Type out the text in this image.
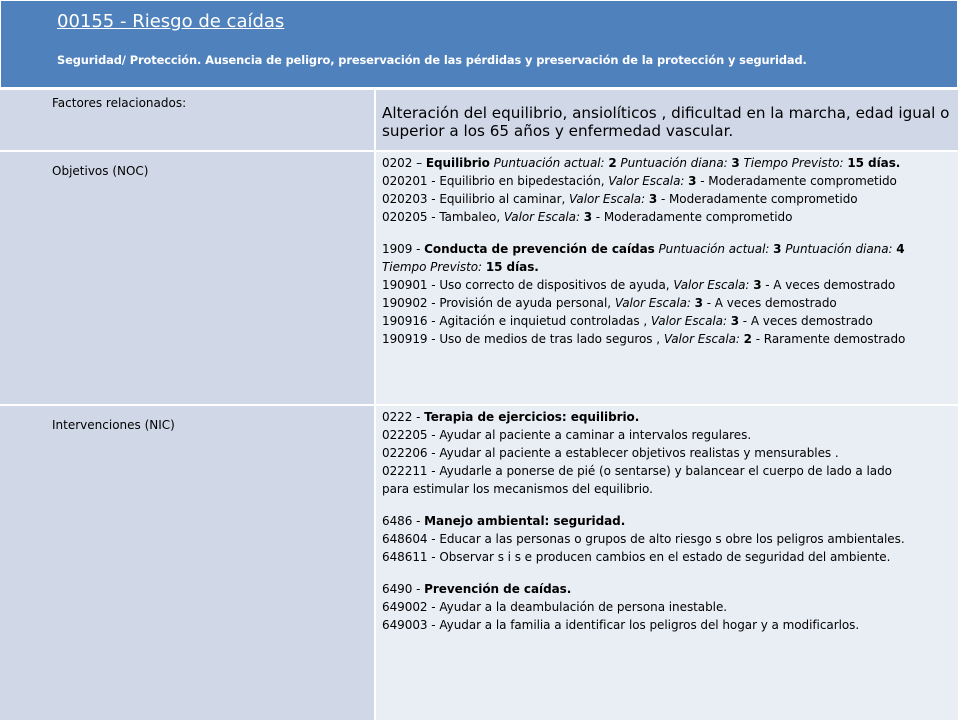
00155 - Riesgo de caídas
Seguridad/ Protección. Ausencia de peligro, preservación de las pérdidas y preservación de la protección y seguridad.
Factores relacionados:
Alteración del equilibrio, ansiolíticos , dificultad en la marcha, edad igual o superior a los 65 años y enfermedad vascular.
Objetivos (NOC)
0202 – Equilibrio Puntuación actual: 2 Puntuación diana: 3 Tiempo Previsto: 15 días.
020201 - Equilibrio en bipedestación, Valor Escala: 3 - Moderadamente comprometido
020203 - Equilibrio al caminar, Valor Escala: 3 - Moderadamente comprometido
020205 - Tambaleo, Valor Escala: 3 - Moderadamente comprometido
1909 - Conducta de prevención de caídas Puntuación actual: 3 Puntuación diana: 4
Tiempo Previsto: 15 días.
190901 - Uso correcto de dispositivos de ayuda, Valor Escala: 3 - A veces demostrado
190902 - Provisión de ayuda personal, Valor Escala: 3 - A veces demostrado
190916 - Agitación e inquietud controladas , Valor Escala: 3 - A veces demostrado
190919 - Uso de medios de tras lado seguros , Valor Escala: 2 - Raramente demostrado
Intervenciones (NIC)
0222 - Terapia de ejercicios: equilibrio.
022205 - Ayudar al paciente a caminar a intervalos regulares.
022206 - Ayudar al paciente a establecer objetivos realistas y mensurables .
022211 - Ayudarle a ponerse de pié (o sentarse) y balancear el cuerpo de lado a lado
para estimular los mecanismos del equilibrio.
6486 - Manejo ambiental: seguridad.
648604 - Educar a las personas o grupos de alto riesgo s obre los peligros ambientales.
648611 - Observar s i s e producen cambios en el estado de seguridad del ambiente.
6490 - Prevención de caídas.
649002 - Ayudar a la deambulación de persona inestable.
649003 - Ayudar a la familia a identificar los peligros del hogar y a modificarlos.
